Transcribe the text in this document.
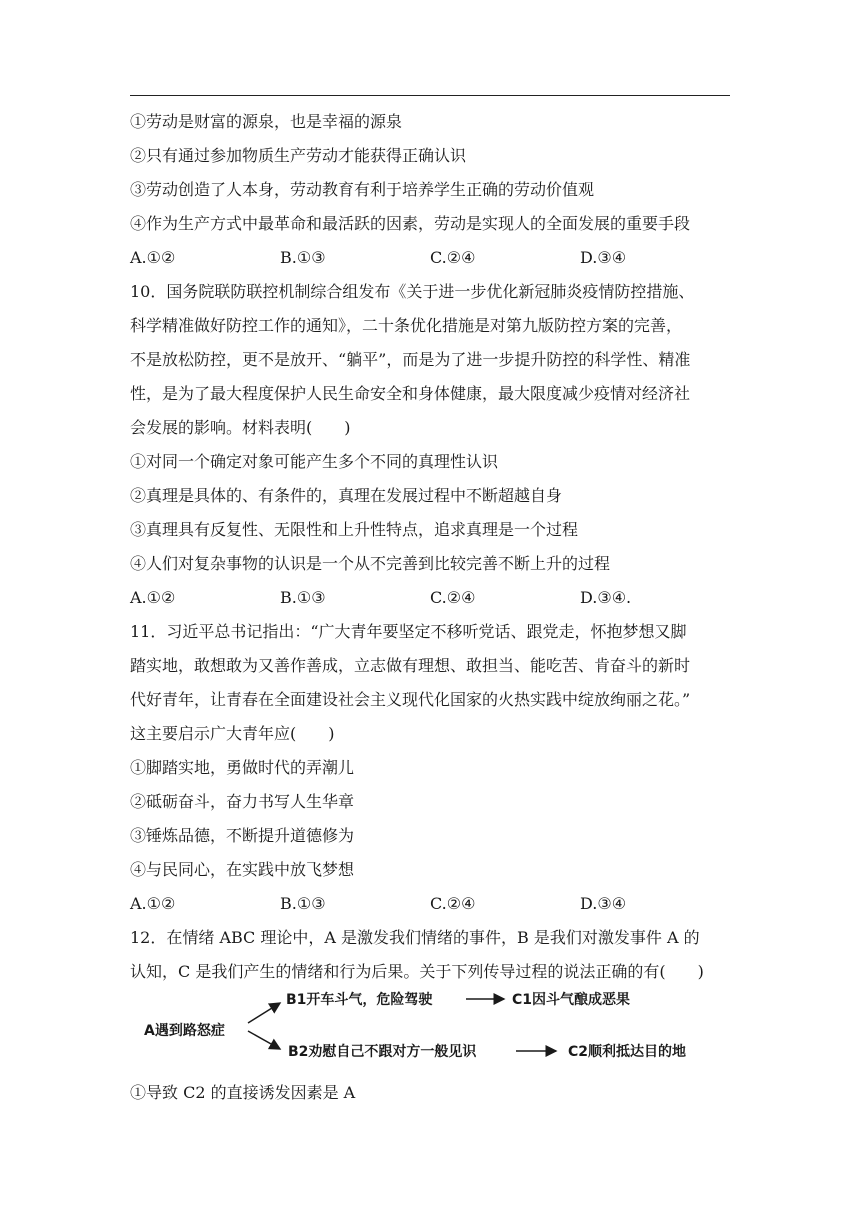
①劳动是财富的源泉，也是幸福的源泉
②只有通过参加物质生产劳动才能获得正确认识
③劳动创造了人本身，劳动教育有利于培养学生正确的劳动价值观
④作为生产方式中最革命和最活跃的因素，劳动是实现人的全面发展的重要手段
A.①②	B.①③	C.②④	D.③④
10．国务院联防联控机制综合组发布《关于进一步优化新冠肺炎疫情防控措施、
科学精准做好防控工作的通知》，二十条优化措施是对第九版防控方案的完善，
不是放松防控，更不是放开、“躺平”，而是为了进一步提升防控的科学性、精准
性，是为了最大程度保护人民生命安全和身体健康，最大限度减少疫情对经济社
会发展的影响。材料表明(　　)
①对同一个确定对象可能产生多个不同的真理性认识
②真理是具体的、有条件的，真理在发展过程中不断超越自身
③真理具有反复性、无限性和上升性特点，追求真理是一个过程
④人们对复杂事物的认识是一个从不完善到比较完善不断上升的过程
A.①②	B.①③	C.②④	D.③④.
11．习近平总书记指出：“广大青年要坚定不移听党话、跟党走，怀抱梦想又脚
踏实地，敢想敢为又善作善成，立志做有理想、敢担当、能吃苦、肯奋斗的新时
代好青年，让青春在全面建设社会主义现代化国家的火热实践中绽放绚丽之花。”
这主要启示广大青年应(　　)
①脚踏实地，勇做时代的弄潮儿
②砥砺奋斗，奋力书写人生华章
③锤炼品德，不断提升道德修为
④与民同心，在实践中放飞梦想
A.①②	B.①③	C.②④	D.③④
12．在情绪 ABC 理论中，A 是激发我们情绪的事件，B 是我们对激发事件 A 的
认知，C 是我们产生的情绪和行为后果。关于下列传导过程的说法正确的有(　　)
A遇到路怒症
B1开车斗气，危险驾驶	C1因斗气酿成恶果
B2劝慰自己不跟对方一般见识	C2顺利抵达目的地
①导致 C2 的直接诱发因素是 A
